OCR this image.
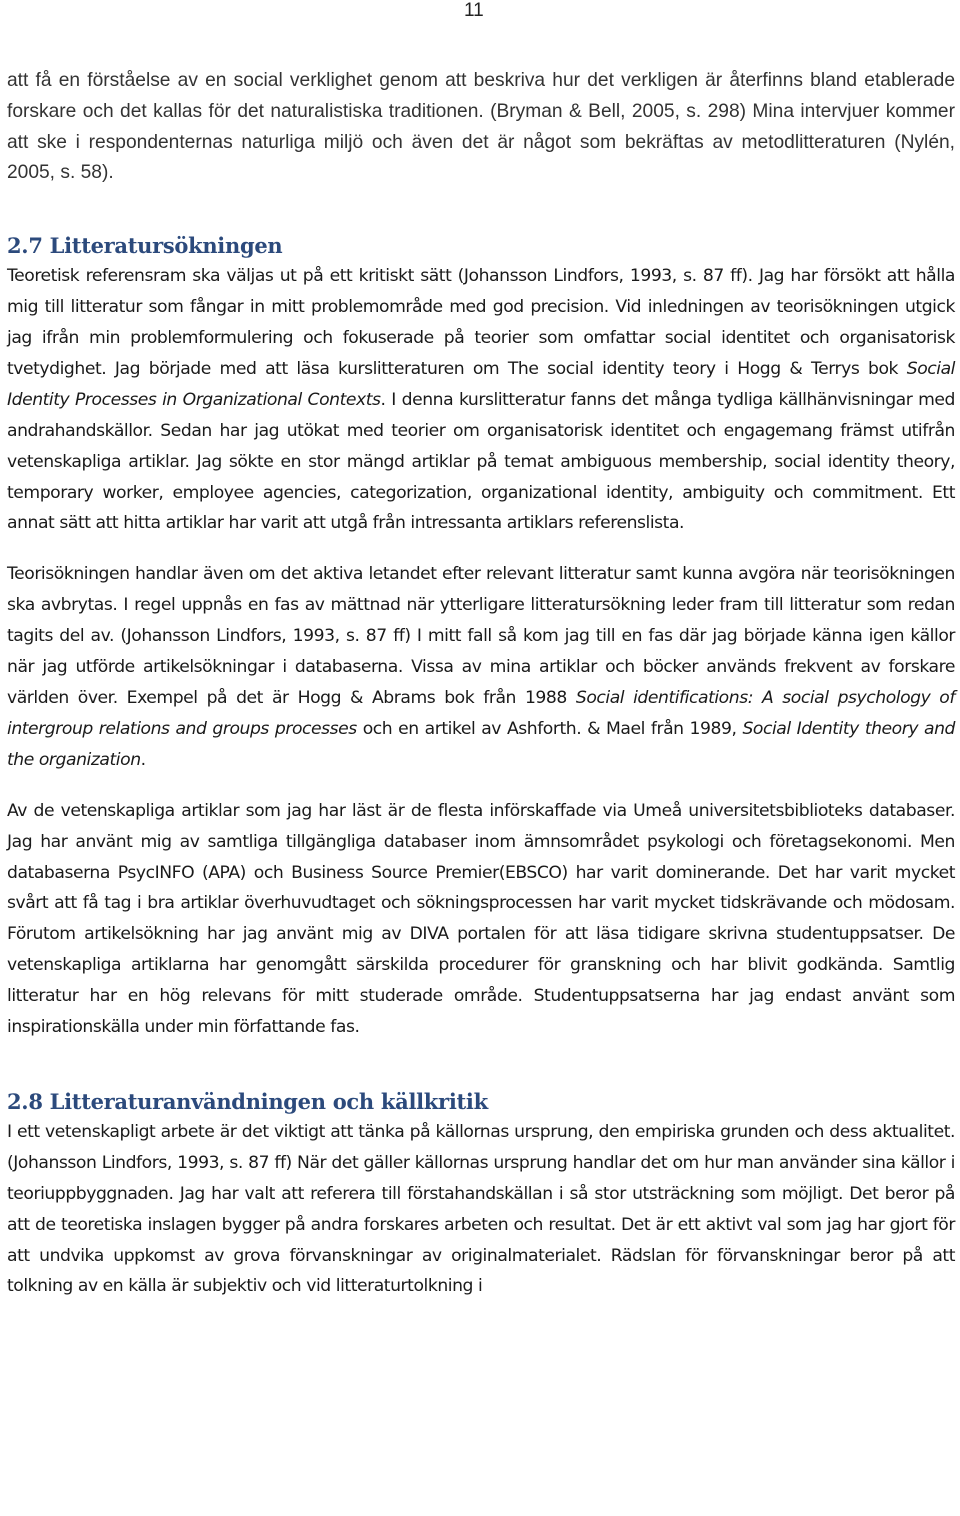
11

att få en förståelse av en social verklighet genom att beskriva hur det verkligen är återfinns bland etablerade forskare och det kallas för det naturalistiska traditionen. (Bryman & Bell, 2005, s. 298) Mina intervjuer kommer att ske i respondenternas naturliga miljö och även det är något som bekräftas av metodlitteraturen (Nylén, 2005, s. 58).

2.7 Litteratursökningen

Teoretisk referensram ska väljas ut på ett kritiskt sätt (Johansson Lindfors, 1993, s. 87 ff). Jag har försökt att hålla mig till litteratur som fångar in mitt problemområde med god precision. Vid inledningen av teorisökningen utgick jag ifrån min problemformulering och fokuserade på teorier som omfattar social identitet och organisatorisk tvetydighet. Jag började med att läsa kurslitteraturen om The social identity teory i Hogg & Terrys bok Social Identity Processes in Organizational Contexts. I denna kurslitteratur fanns det många tydliga källhänvisningar med andrahandskällor. Sedan har jag utökat med teorier om organisatorisk identitet och engagemang främst utifrån vetenskapliga artiklar. Jag sökte en stor mängd artiklar på temat ambiguous membership, social identity theory, temporary worker, employee agencies, categorization, organizational identity, ambiguity och commitment. Ett annat sätt att hitta artiklar har varit att utgå från intressanta artiklars referenslista.

Teorisökningen handlar även om det aktiva letandet efter relevant litteratur samt kunna avgöra när teorisökningen ska avbrytas. I regel uppnås en fas av mättnad när ytterligare litteratursökning leder fram till litteratur som redan tagits del av. (Johansson Lindfors, 1993, s. 87 ff) I mitt fall så kom jag till en fas där jag började känna igen källor när jag utförde artikelsökningar i databaserna. Vissa av mina artiklar och böcker används frekvent av forskare världen över. Exempel på det är Hogg & Abrams bok från 1988 Social identifications: A social psychology of intergroup relations and groups processes och en artikel av Ashforth. & Mael från 1989, Social Identity theory and the organization.

Av de vetenskapliga artiklar som jag har läst är de flesta införskaffade via Umeå universitetsbiblioteks databaser. Jag har använt mig av samtliga tillgängliga databaser inom ämnsområdet psykologi och företagsekonomi. Men databaserna PsycINFO (APA) och Business Source Premier(EBSCO) har varit dominerande. Det har varit mycket svårt att få tag i bra artiklar överhuvudtaget och sökningsprocessen har varit mycket tidskrävande och mödosam. Förutom artikelsökning har jag använt mig av DIVA portalen för att läsa tidigare skrivna studentuppsatser. De vetenskapliga artiklarna har genomgått särskilda procedurer för granskning och har blivit godkända. Samtlig litteratur har en hög relevans för mitt studerade område. Studentuppsatserna har jag endast använt som inspirationskälla under min författande fas.

2.8 Litteraturanvändningen och källkritik

I ett vetenskapligt arbete är det viktigt att tänka på källornas ursprung, den empiriska grunden och dess aktualitet. (Johansson Lindfors, 1993, s. 87 ff) När det gäller källornas ursprung handlar det om hur man använder sina källor i teoriuppbyggnaden. Jag har valt att referera till förstahandskällan i så stor utsträckning som möjligt. Det beror på att de teoretiska inslagen bygger på andra forskares arbeten och resultat. Det är ett aktivt val som jag har gjort för att undvika uppkomst av grova förvanskningar av originalmaterialet. Rädslan för förvanskningar beror på att tolkning av en källa är subjektiv och vid litteraturtolkning i
